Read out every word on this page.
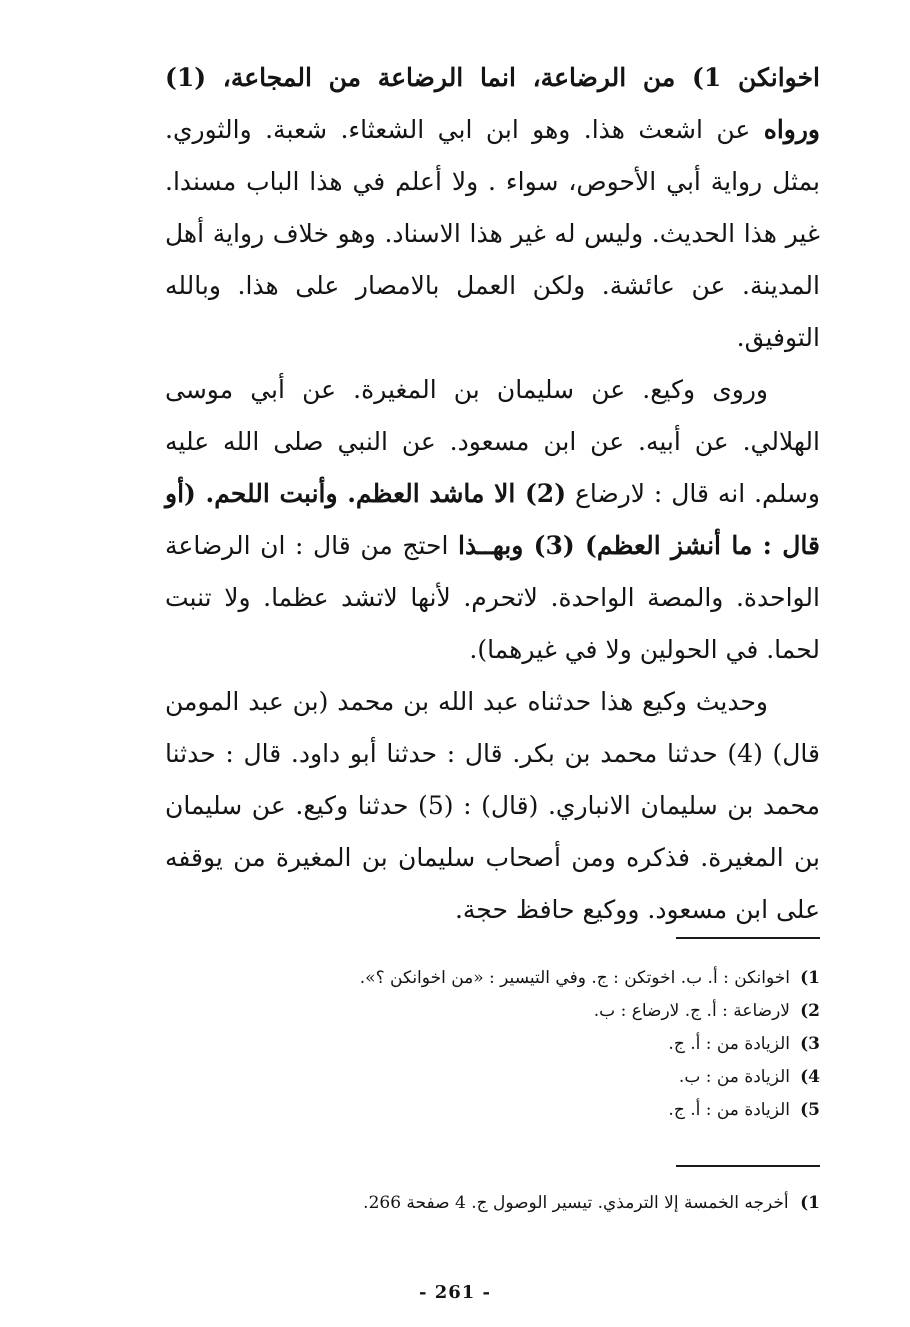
اخوانكن 1) من الرضاعة، انما الرضاعة من المجاعة، (1) ورواه عن اشعث هذا. وهو ابن ابي الشعثاء. شعبة. والثوري. بمثل رواية أبي الأحوص، سواء . ولا أعلم في هذا الباب مسندا. غير هذا الحديث. وليس له غير هذا الاسناد. وهو خلاف رواية أهل المدينة. عن عائشة. ولكن العمل بالامصار على هذا. وبالله التوفيق.

وروى وكيع. عن سليمان بن المغيرة. عن أبي موسى الهلالي. عن أبيه. عن ابن مسعود. عن النبي صلى الله عليه وسلم. انه قال : لارضاع (2) الا ماشد العظم. وأنبت اللحم. (أو قال : ما أنشز العظم) (3) وبهــذا احتج من قال : ان الرضاعة الواحدة. والمصة الواحدة. لاتحرم. لأنها لاتشد عظما. ولا تنبت لحما. في الحولين ولا في غيرهما).

وحديث وكيع هذا حدثناه عبد الله بن محمد (بن عبد المومن قال) (4) حدثنا محمد بن بكر. قال : حدثنا أبو داود. قال : حدثنا محمد بن سليمان الانباري. (قال) : (5) حدثنا وكيع. عن سليمان بن المغيرة. فذكره ومن أصحاب سليمان بن المغيرة من يوقفه على ابن مسعود. ووكيع حافظ حجة.

1)
اخوانكن : أ. ب. اخوتكن : ج. وفي التيسير : «من اخوانكن ؟».
2)
لارضاعة : أ. ج. لارضاع : ب.
3)
الزيادة من : أ. ج.
4)
الزيادة من : ب.
5)
الزيادة من : أ. ج.
1) أخرجه الخمسة إلا الترمذي. تيسير الوصول ج. 4 صفحة 266.
- 261 -
